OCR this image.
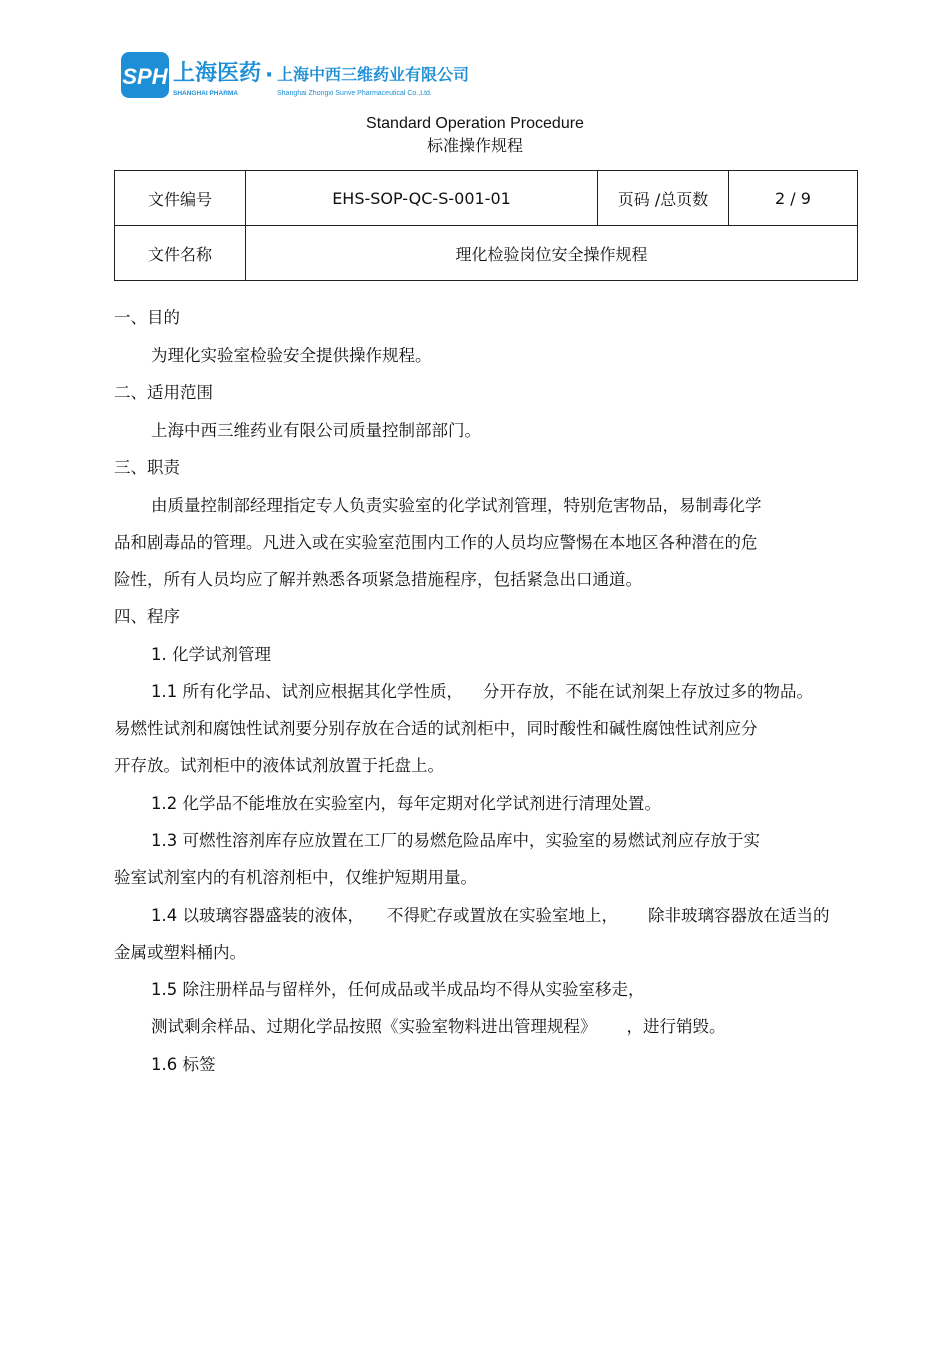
SPH 上海医药
SHANGHAI PHARMA
· 上海中西三维药业有限公司
Shanghai Zhongxi Sunve Pharmaceutical Co.,Ltd.
Standard Operation Procedure
标准操作规程
文件编号	EHS-SOP-QC-S-001-01	页码 /总页数	2 / 9
文件名称	理化检验岗位安全操作规程		
一、目的
为理化实验室检验安全提供操作规程。
二、适用范围
上海中西三维药业有限公司质量控制部部门。
三、职责
由质量控制部经理指定专人负责实验室的化学试剂管理，特别危害物品，易制毒化学
品和剧毒品的管理。凡进入或在实验室范围内工作的人员均应警惕在本地区各种潜在的危
险性，所有人员均应了解并熟悉各项紧急措施程序，包括紧急出口通道。
四、程序
1. 化学试剂管理
1.1 所有化学品、试剂应根据其化学性质， 分开存放，不能在试剂架上存放过多的物品。
易燃性试剂和腐蚀性试剂要分别存放在合适的试剂柜中，同时酸性和碱性腐蚀性试剂应分
开存放。试剂柜中的液体试剂放置于托盘上。
1.2 化学品不能堆放在实验室内，每年定期对化学试剂进行清理处置。
1.3 可燃性溶剂库存应放置在工厂的易燃危险品库中，实验室的易燃试剂应存放于实
验室试剂室内的有机溶剂柜中，仅维护短期用量。
1.4 以玻璃容器盛装的液体， 不得贮存或置放在实验室地上， 除非玻璃容器放在适当的
金属或塑料桶内。
1.5 除注册样品与留样外，任何成品或半成品均不得从实验室移走，
测试剩余样品、过期化学品按照《实验室物料进出管理规程》 ，进行销毁。
1.6 标签
